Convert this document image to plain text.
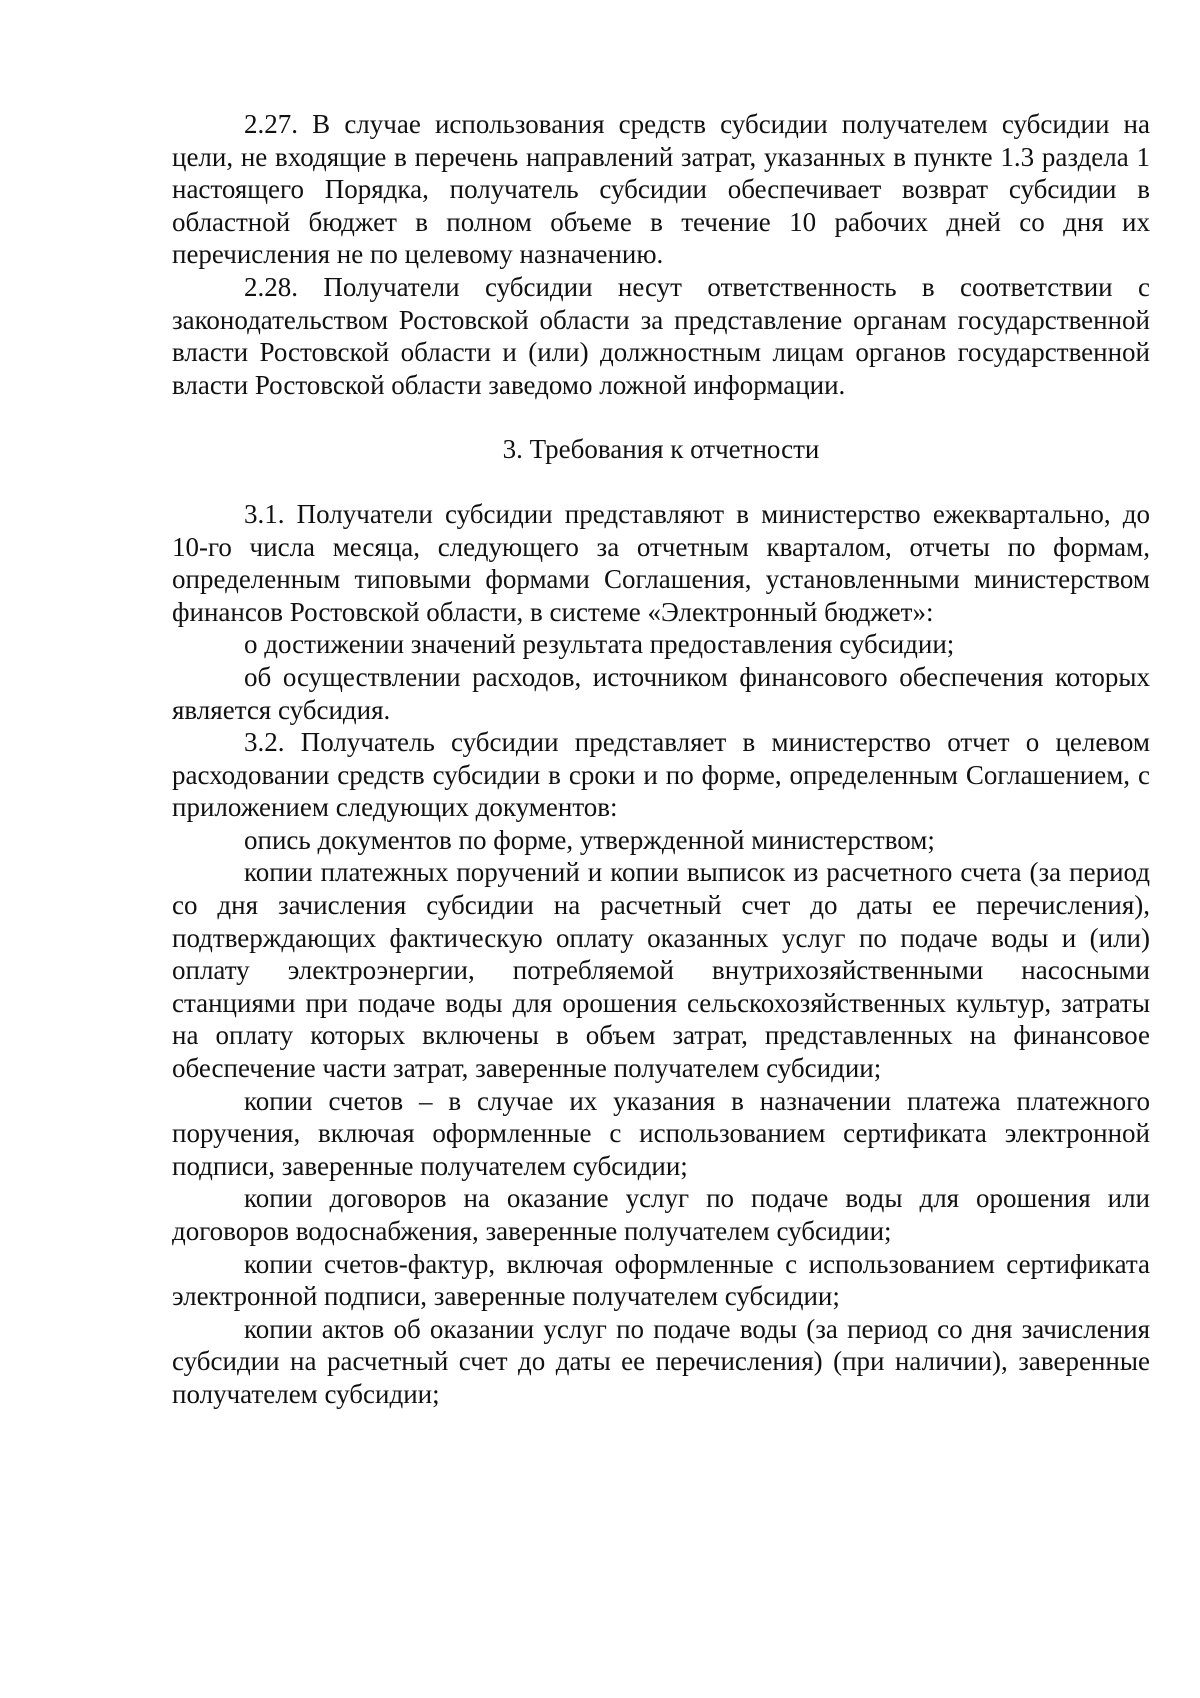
2.27. В случае использования средств субсидии получателем субсидии на цели, не входящие в перечень направлений затрат, указанных в пункте 1.3 раздела 1 настоящего Порядка, получатель субсидии обеспечивает возврат субсидии в областной бюджет в полном объеме в течение 10 рабочих дней со дня их перечисления не по целевому назначению.

2.28. Получатели субсидии несут ответственность в соответствии с законодательством Ростовской области за представление органам государственной власти Ростовской области и (или) должностным лицам органов государственной власти Ростовской области заведомо ложной информации.

3. Требования к отчетности

3.1. Получатели субсидии представляют в министерство ежеквартально, до 10-го числа месяца, следующего за отчетным кварталом, отчеты по формам, определенным типовыми формами Соглашения, установленными министерством финансов Ростовской области, в системе «Электронный бюджет»:

о достижении значений результата предоставления субсидии;

об осуществлении расходов, источником финансового обеспечения которых является субсидия.

3.2. Получатель субсидии представляет в министерство отчет о целевом расходовании средств субсидии в сроки и по форме, определенным Соглашением, с приложением следующих документов:

опись документов по форме, утвержденной министерством;

копии платежных поручений и копии выписок из расчетного счета (за период со дня зачисления субсидии на расчетный счет до даты ее перечисления), подтверждающих фактическую оплату оказанных услуг по подаче воды и (или) оплату электроэнергии, потребляемой внутрихозяйственными насосными станциями при подаче воды для орошения сельскохозяйственных культур, затраты на оплату которых включены в объем затрат, представленных на финансовое обеспечение части затрат, заверенные получателем субсидии;

копии счетов – в случае их указания в назначении платежа платежного поручения, включая оформленные с использованием сертификата электронной подписи, заверенные получателем субсидии;

копии договоров на оказание услуг по подаче воды для орошения или договоров водоснабжения, заверенные получателем субсидии;

копии счетов-фактур, включая оформленные с использованием сертификата электронной подписи, заверенные получателем субсидии;

копии актов об оказании услуг по подаче воды (за период со дня зачисления субсидии на расчетный счет до даты ее перечисления) (при наличии), заверенные получателем субсидии;
